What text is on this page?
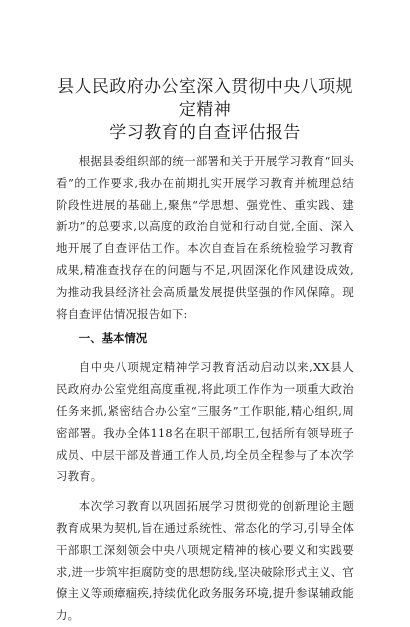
县人民政府办公室深入贯彻中央八项规定精神
学习教育的自查评估报告

根据县委组织部的统一部署和关于开展学习教育“回头看”的工作要求,我办在前期扎实开展学习教育并梳理总结阶段性进展的基础上,聚焦“学思想、强党性、重实践、建新功”的总要求,以高度的政治自觉和行动自觉,全面、深入地开展了自查评估工作。本次自查旨在系统检验学习教育成果,精准查找存在的问题与不足,巩固深化作风建设成效,为推动我县经济社会高质量发展提供坚强的作风保障。现将自查评估情况报告如下:

一、基本情况

自中央八项规定精神学习教育活动启动以来,XX县人民政府办公室党组高度重视,将此项工作作为一项重大政治任务来抓,紧密结合办公室“三服务”工作职能,精心组织,周密部署。我办全体118名在职干部职工,包括所有领导班子成员、中层干部及普通工作人员,均全员全程参与了本次学习教育。

本次学习教育以巩固拓展学习贯彻党的创新理论主题教育成果为契机,旨在通过系统性、常态化的学习,引导全体干部职工深刻领会中央八项规定精神的核心要义和实践要求,进一步筑牢拒腐防变的思想防线,坚决破除形式主义、官僚主义等顽瘴痼疾,持续优化政务服务环境,提升参谋辅政能力。
